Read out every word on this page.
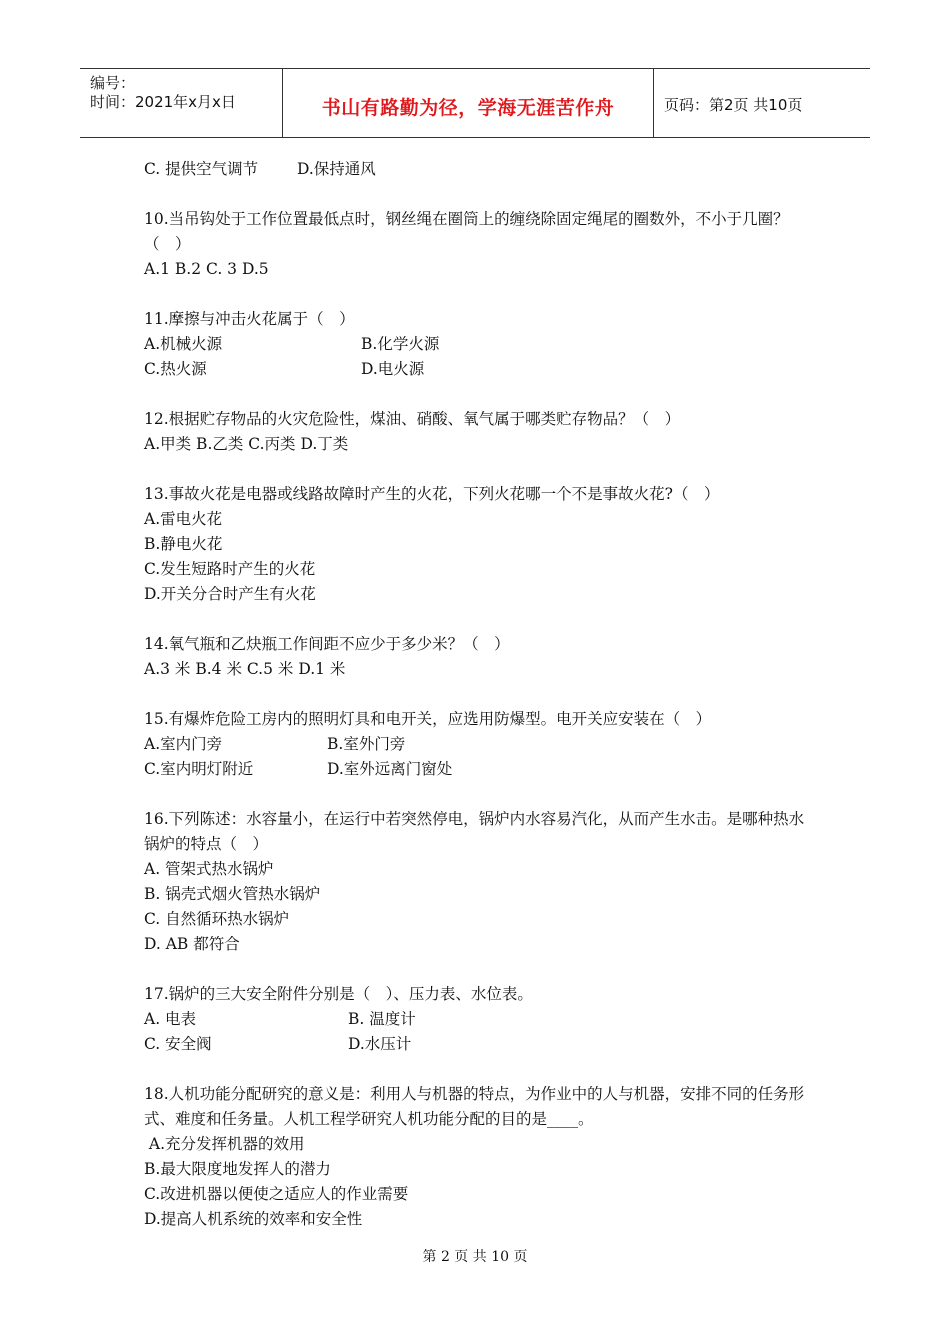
编号：
时间：2021年x月x日	书山有路勤为径，学海无涯苦作舟	页码：第2页 共10页
C. 提供空气调节	D.保持通风
10.当吊钩处于工作位置最低点时，钢丝绳在圈筒上的缠绕除固定绳尾的圈数外，不小于几圈？（　）
A.1 B.2 C. 3 D.5
11.摩擦与冲击火花属于（　）
A.机械火源	B.化学火源
C.热火源	D.电火源
12.根据贮存物品的火灾危险性，煤油、硝酸、氧气属于哪类贮存物品？（　）
A.甲类 B.乙类 C.丙类 D.丁类
13.事故火花是电器或线路故障时产生的火花，下列火花哪一个不是事故火花?（　）
A.雷电火花
B.静电火花
C.发生短路时产生的火花
D.开关分合时产生有火花
14.氧气瓶和乙炔瓶工作间距不应少于多少米？（　）
A.3 米 B.4 米 C.5 米 D.1 米
15.有爆炸危险工房内的照明灯具和电开关，应选用防爆型。电开关应安装在（　）
A.室内门旁	B.室外门旁
C.室内明灯附近	D.室外远离门窗处
16.下列陈述：水容量小，在运行中若突然停电，锅炉内水容易汽化，从而产生水击。是哪种热水锅炉的特点（　）
A. 管架式热水锅炉
B. 锅壳式烟火管热水锅炉
C. 自然循环热水锅炉
D. AB 都符合
17.锅炉的三大安全附件分别是（　）、压力表、水位表。
A. 电表	B. 温度计
C. 安全阀	D.水压计
18.人机功能分配研究的意义是：利用人与机器的特点，为作业中的人与机器，安排不同的任务形式、难度和任务量。人机工程学研究人机功能分配的目的是____。
A.充分发挥机器的效用
B.最大限度地发挥人的潜力
C.改进机器以便使之适应人的作业需要
D.提高人机系统的效率和安全性
第 2 页 共 10 页
